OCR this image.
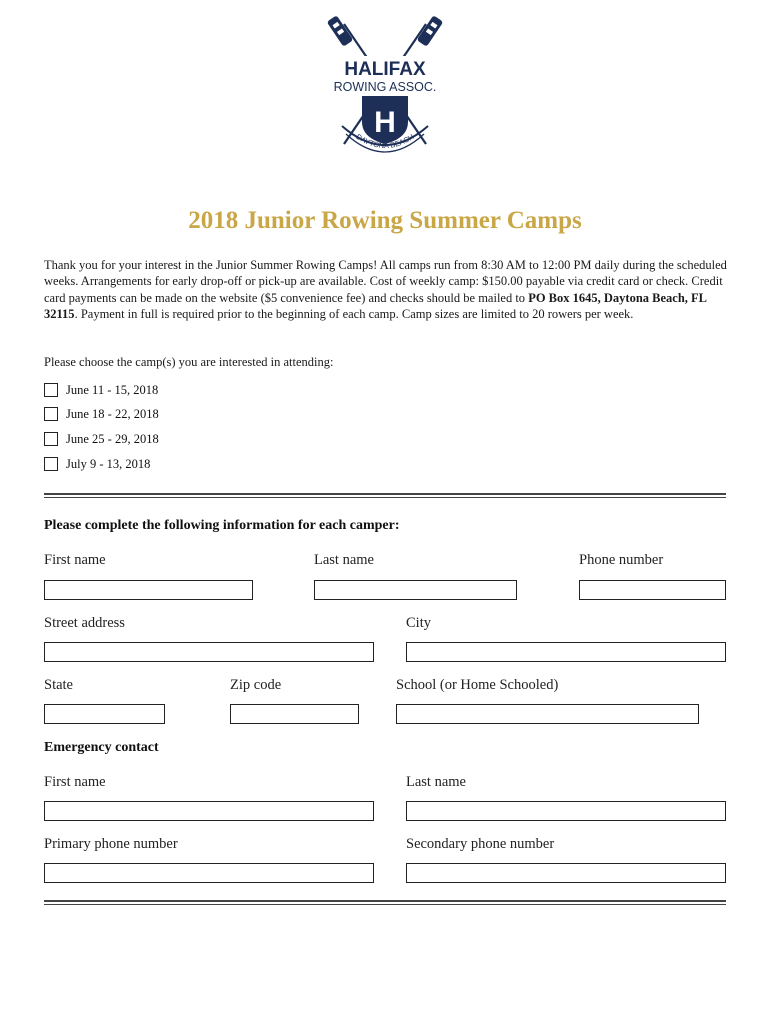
HALIFAX
ROWING ASSOC.
H
DAYTONA BEACH
2018 Junior Rowing Summer Camps
Thank you for your interest in the Junior Summer Rowing Camps! All camps run from 8:30 AM to 12:00 PM daily during the scheduled weeks. Arrangements for early drop-off or pick-up are available. Cost of weekly camp: $150.00 payable via credit card or check. Credit card payments can be made on the website ($5 convenience fee) and checks should be mailed to PO Box 1645, Daytona Beach, FL 32115. Payment in full is required prior to the beginning of each camp. Camp sizes are limited to 20 rowers per week.
Please choose the camp(s) you are interested in attending:
June 11 - 15, 2018
June 18 - 22, 2018
June 25 - 29, 2018
July 9 - 13, 2018
Please complete the following information for each camper:
First name	Last name	Phone number
Street address	City
State	Zip code	School (or Home Schooled)
Emergency contact
First name	Last name
Primary phone number	Secondary phone number
